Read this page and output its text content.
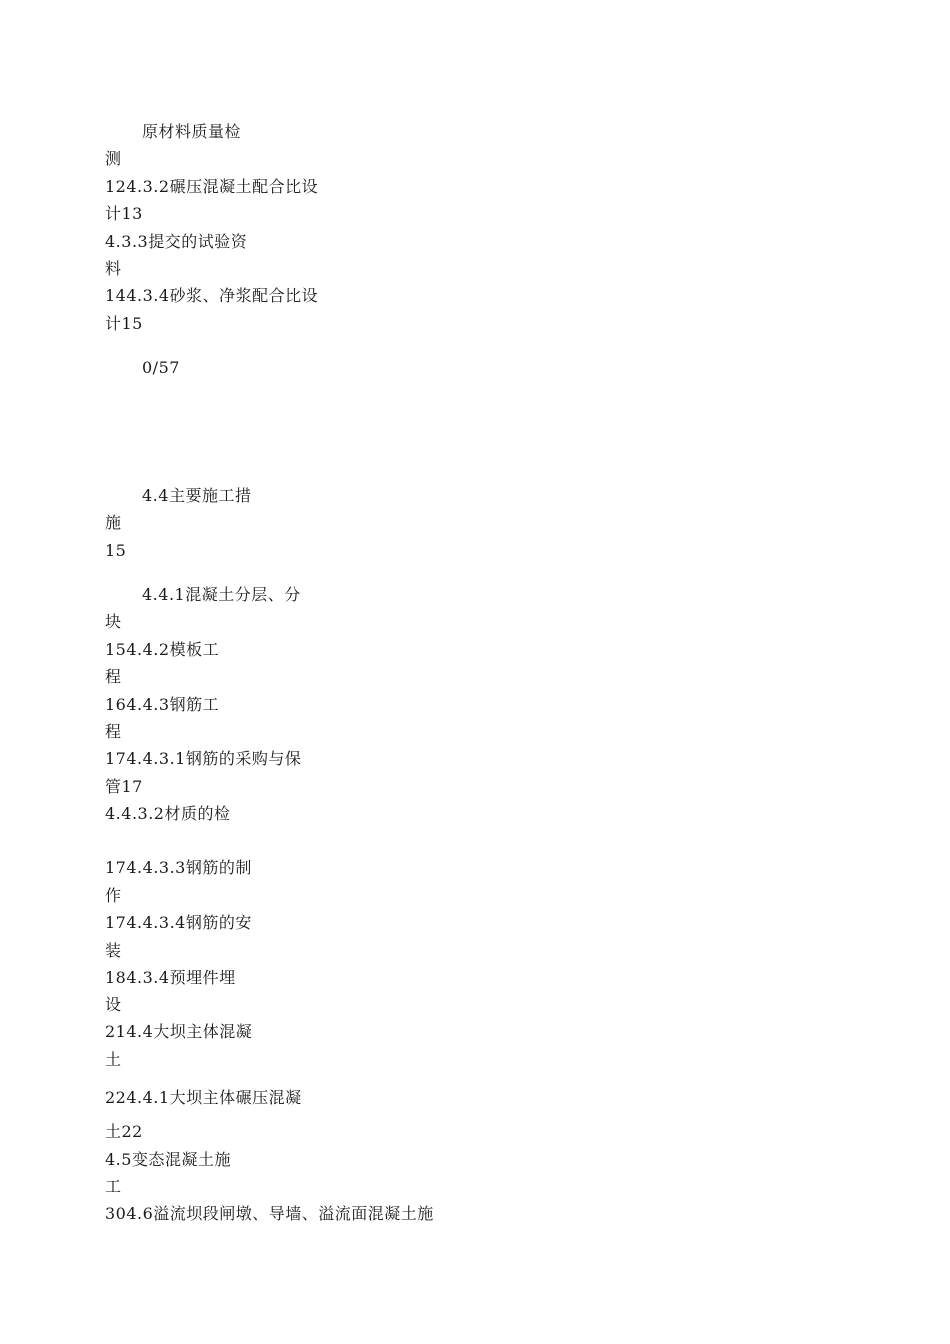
原材料质量检
测
124.3.2碾压混凝土配合比设
计13
4.3.3提交的试验资
料
144.3.4砂浆、净浆配合比设
计15
0/57
4.4主要施工措
施
15
4.4.1混凝土分层、分
块
154.4.2模板工
程
164.4.3钢筋工
程
174.4.3.1钢筋的采购与保
管17
4.4.3.2材质的检
174.4.3.3钢筋的制
作
174.4.3.4钢筋的安
装
184.3.4预埋件埋
设
214.4大坝主体混凝
土
224.4.1大坝主体碾压混凝
土22
4.5变态混凝土施
工
304.6溢流坝段闸墩、导墙、溢流面混凝土施
